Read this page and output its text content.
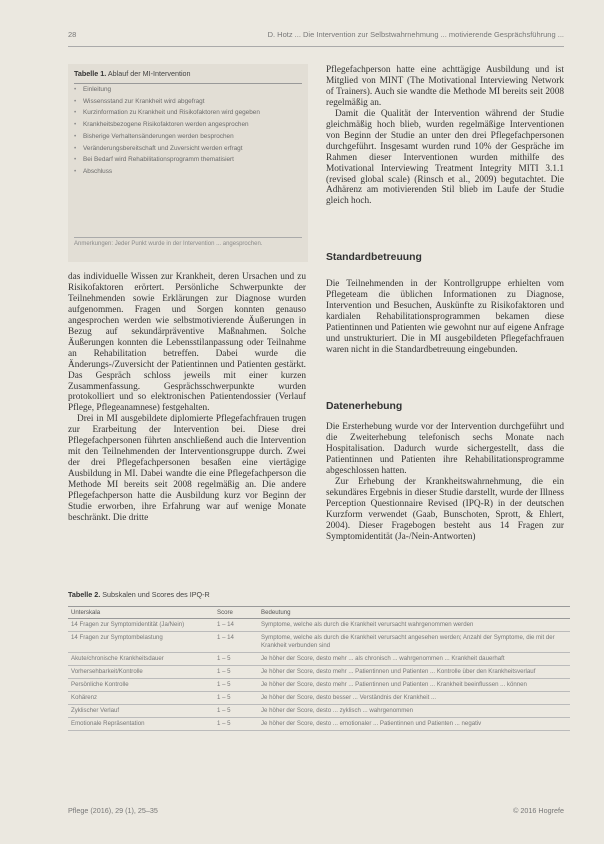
28	D. Hotz ... Die Intervention zur Selbstwahrnehmung ... motivierende Gesprächsführung ...
Tabelle 1. Ablauf der MI-Intervention
• Einleitung
• Wissensstand zur Krankheit wird abgefragt
• Kurzinformation zu Krankheit und Risikofaktoren wird gegeben
• Krankheitsbezogene Risikofaktoren werden angesprochen
• Bisherige Verhaltensänderungen werden besprochen
• Veränderungsbereitschaft und Zuversicht werden erfragt
• Bei Bedarf wird Rehabilitationsprogramm thematisiert
• Abschluss
Anmerkungen: Jeder Punkt wurde in der Intervention ... angesprochen.

das individuelle Wissen zur Krankheit, deren Ursachen und zu Risikofaktoren erörtert. Persönliche Schwerpunkte der Teilnehmenden sowie Erklärungen zur Diagnose wurden aufgenommen. Fragen und Sorgen konnten genauso angesprochen werden wie selbstmotivierende Äußerungen in Bezug auf sekundärpräventive Maßnahmen. Solche Äußerungen konnten die Lebensstilanpassung oder Teilnahme an Rehabilitation betreffen. Dabei wurde die Änderungs-/Zuversicht der Patientinnen und Patienten gestärkt. Das Gespräch schloss jeweils mit einer kurzen Zusammenfassung. Gesprächsschwerpunkte wurden protokolliert und so elektronischen Patientendossier (Verlauf Pflege, Pflegeanamnese) festgehalten.

Drei in MI ausgebildete diplomierte Pflegefachfrauen trugen zur Erarbeitung der Intervention bei. Diese drei Pflegefachpersonen führten anschließend auch die Intervention mit den Teilnehmenden der Interventionsgruppe durch. Zwei der drei Pflegefachpersonen besaßen eine viertägige Ausbildung in MI. Dabei wandte die eine Pflegefachperson die Methode MI bereits seit 2008 regelmäßig an. Die andere Pflegefachperson hatte die Ausbildung kurz vor Beginn der Studie erworben, ihre Erfahrung war auf wenige Monate beschränkt. Die dritte

Pflegefachperson hatte eine achttägige Ausbildung und ist Mitglied von MINT (The Motivational Interviewing Network of Trainers). Auch sie wandte die Methode MI bereits seit 2008 regelmäßig an.

Damit die Qualität der Intervention während der Studie gleichmäßig hoch blieb, wurden regelmäßige Interventionen von Beginn der Studie an unter den drei Pflegefachpersonen durchgeführt. Insgesamt wurden rund 10% der Gespräche im Rahmen dieser Interventionen wurden mithilfe des Motivational Interviewing Treatment Integrity MITI 3.1.1 (revised global scale) (Rinsch et al., 2009) begutachtet. Die Adhärenz am motivierenden Stil blieb im Laufe der Studie gleich hoch.

Standardbetreuung

Die Teilnehmenden in der Kontrollgruppe erhielten vom Pflegeteam die üblichen Informationen zu Diagnose, Intervention und Besuchen, Auskünfte zu Risikofaktoren und kardialen Rehabilitationsprogrammen bekamen diese Patientinnen und Patienten wie gewohnt nur auf eigene Anfrage und unstrukturiert. Die in MI ausgebildeten Pflegefachfrauen waren nicht in die Standardbetreuung eingebunden.

Datenerhebung

Die Ersterhebung wurde vor der Intervention durchgeführt und die Zweiterhebung telefonisch sechs Monate nach Hospitalisation. Dadurch wurde sichergestellt, dass die Patientinnen und Patienten ihre Rehabilitationsprogramme abgeschlossen hatten.

Zur Erhebung der Krankheitswahrnehmung, die ein sekundäres Ergebnis in dieser Studie darstellt, wurde der Illness Perception Questionnaire Revised (IPQ-R) in der deutschen Kurzform verwendet (Gaab, Bunschoten, Sprott, & Ehlert, 2004). Dieser Fragebogen besteht aus 14 Fragen zur Symptomidentität (Ja-/Nein-Antworten)

Tabelle 2. Subskalen und Scores des IPQ-R
Unterskala	Score	Bedeutung
14 Fragen zur Symptomidentität (Ja/Nein)	1 – 14	Symptome, welche als durch die Krankheit verursacht wahrgenommen werden
14 Fragen zur Symptombelastung	1 – 14	Symptome, welche als durch die Krankheit verursacht angesehen werden; Anzahl der Symptome, die mit der Krankheit verbunden sind
Akute/chronische Krankheitsdauer	1 – 5	Je höher der Score, desto mehr ... als chronisch ... wahrgenommen ... Krankheit dauerhaft
Vorhersehbarkeit/Kontrolle	1 – 5	Je höher der Score, desto mehr ... Patientinnen und Patienten ... Kontrolle über den Krankheitsverlauf
Persönliche Kontrolle	1 – 5	Je höher der Score, desto mehr ... Patientinnen und Patienten ... Krankheit beeinflussen ... können
Kohärenz	1 – 5	Je höher der Score, desto besser ... Verständnis der Krankheit ...
Zyklischer Verlauf	1 – 5	Je höher der Score, desto ... zyklisch ... wahrgenommen
Emotionale Repräsentation	1 – 5	Je höher der Score, desto ... emotionaler ... Patientinnen und Patienten ... negativ
Pflege (2016), 29 (1), 25–35	© 2016 Hogrefe
